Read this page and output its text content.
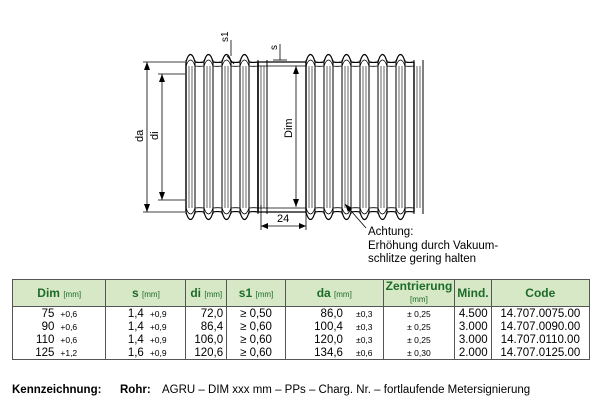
s1
s
da di	Dim
24
Achtung:
Erhöhung durch Vakuum-
schlitze gering halten
Dim [mm]		s [mm]		di [mm]	s1 [mm]	da [mm]		Zentrierung
[mm]	Mind.	Code
75	+0,6	1,4	+0,9	72,0	≥ 0,50	86,0	±0,3	± 0,25	4.500	14.707.0075.00
90	+0,6	1,4	+0,9	86,4	≥ 0,60	100,4	±0,3	± 0,25	3.000	14.707.0090.00
110	+0,6	1,4	+0,9	106,0	≥ 0,60	120,0	±0,3	± 0,25	3.000	14.707.0110.00
125	+1,2	1,6	+0,9	120,6	≥ 0,60	134,6	±0,6	± 0,30	2.000	14.707.0125.00
Kennzeichnung: Rohr: AGRU – DIM xxx mm – PPs – Charg. Nr. – fortlaufende Metersignierung
